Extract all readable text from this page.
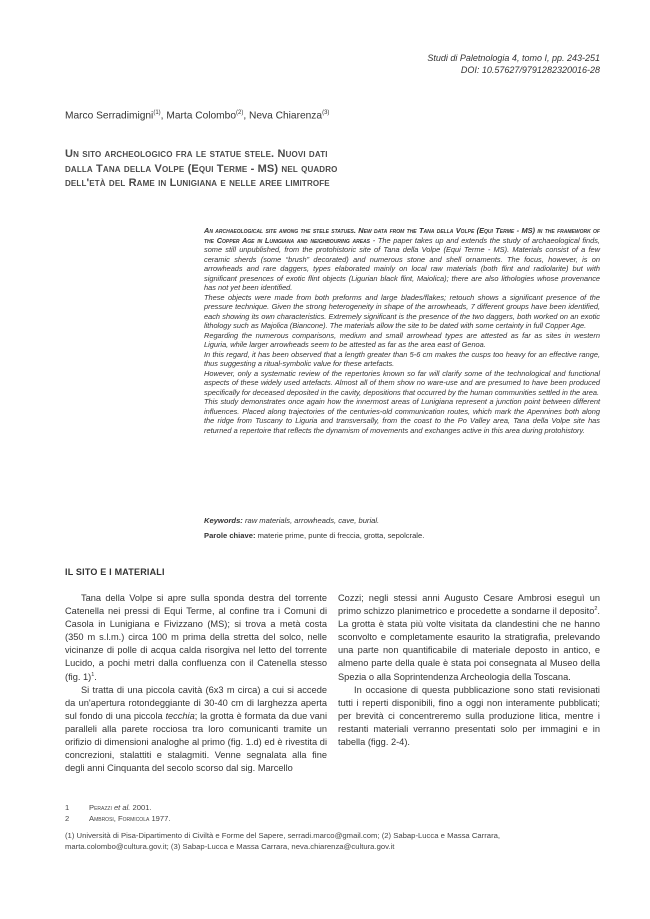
Studi di Paletnologia 4, tomo I, pp. 243-251
DOI: 10.57627/9791282320016-28
Marco Serradimigni$^{(1)}$, Marta Colombo$^{(2)}$, Neva Chiarenza$^{(3)}$
Un sito archeologico fra le statue stele. Nuovi dati
dalla Tana della Volpe (Equi Terme - MS) nel quadro
dell'età del Rame in Lunigiana e nelle aree limitrofe

An archaeological site among the stele statues. New data from the Tana della Volpe (Equi Terme - MS) in the framework of the Copper Age in Lunigiana and neighbouring areas - The paper takes up and extends the study of archaeological finds, some still unpublished, from the protohistoric site of Tana della Volpe (Equi Terme - MS). Materials consist of a few ceramic sherds (some “brush” decorated) and numerous stone and shell ornaments. The focus, however, is on arrowheads and rare daggers, types elaborated mainly on local raw materials (both flint and radiolarite) but with significant presences of exotic flint objects (Ligurian black flint, Maiolica); there are also lithologies whose provenance has not yet been identified.

These objects were made from both preforms and large blades/flakes; retouch shows a significant presence of the pressure technique. Given the strong heterogeneity in shape of the arrowheads, 7 different groups have been identified, each showing its own characteristics. Extremely significant is the presence of the two daggers, both worked on an exotic lithology such as Majolica (Biancone). The materials allow the site to be dated with some certainty in full Copper Age.

Regarding the numerous comparisons, medium and small arrowhead types are attested as far as sites in western Liguria, while larger arrowheads seem to be attested as far as the area east of Genoa.

In this regard, it has been observed that a length greater than 5-6 cm makes the cusps too heavy for an effective range, thus suggesting a ritual-symbolic value for these artefacts.

However, only a systematic review of the repertories known so far will clarify some of the technological and functional aspects of these widely used artefacts. Almost all of them show no ware-use and are presumed to have been produced specifically for deceased deposited in the cavity, depositions that occurred by the human communities settled in the area.

This study demonstrates once again how the innermost areas of Lunigiana represent a junction point between different influences. Placed along trajectories of the centuries-old communication routes, which mark the Apennines both along the ridge from Tuscany to Liguria and transversally, from the coast to the Po Valley area, Tana della Volpe site has returned a repertoire that reflects the dynamism of movements and exchanges active in this area during protohistory.

Keywords: raw materials, arrowheads, cave, burial.
Parole chiave: materie prime, punte di freccia, grotta, sepolcrale.
IL SITO E I MATERIALI

Tana della Volpe si apre sulla sponda destra del torrente Catenella nei pressi di Equi Terme, al confine tra i Comuni di Casola in Lunigiana e Fivizzano (MS); si trova a metà costa (350 m s.l.m.) circa 100 m prima della stretta del solco, nelle vicinanze di polle di acqua calda risorgiva nel letto del torrente Lucido, a pochi metri dalla confluenza con il Catenella stesso (fig. 1)$^1$.

Si tratta di una piccola cavità (6x3 m circa) a cui si accede da un'apertura rotondeggiante di 30-40 cm di larghezza aperta sul fondo di una piccola tecchia; la grotta è formata da due vani paralleli alla parete rocciosa tra loro comunicanti tramite un orifizio di dimensioni analoghe al primo (fig. 1.d) ed è rivestita di concrezioni, stalattiti e stalagmiti. Venne segnalata alla fine degli anni Cinquanta del secolo scorso dal sig. Marcello

Cozzi; negli stessi anni Augusto Cesare Ambrosi eseguì un primo schizzo planimetrico e procedette a sondarne il deposito$^2$. La grotta è stata più volte visitata da clandestini che ne hanno sconvolto e completamente esaurito la stratigrafia, prelevando una parte non quantificabile di materiale deposto in antico, e almeno parte della quale è stata poi consegnata al Museo della Spezia o alla Soprintendenza Archeologia della Toscana.

In occasione di questa pubblicazione sono stati revisionati tutti i reperti disponibili, fino a oggi non interamente pubblicati; per brevità ci concentreremo sulla produzione litica, mentre i restanti materiali verranno presentati solo per immagini e in tabella (figg. 2-4).

1	Perazzi et al. 2001.
2	Ambrosi, Formicola 1977.
(1) Università di Pisa-Dipartimento di Civiltà e Forme del Sapere, serradi.marco@gmail.com; (2) Sabap-Lucca e Massa Carrara, marta.colombo@cultura.gov.it; (3) Sabap-Lucca e Massa Carrara, neva.chiarenza@cultura.gov.it
